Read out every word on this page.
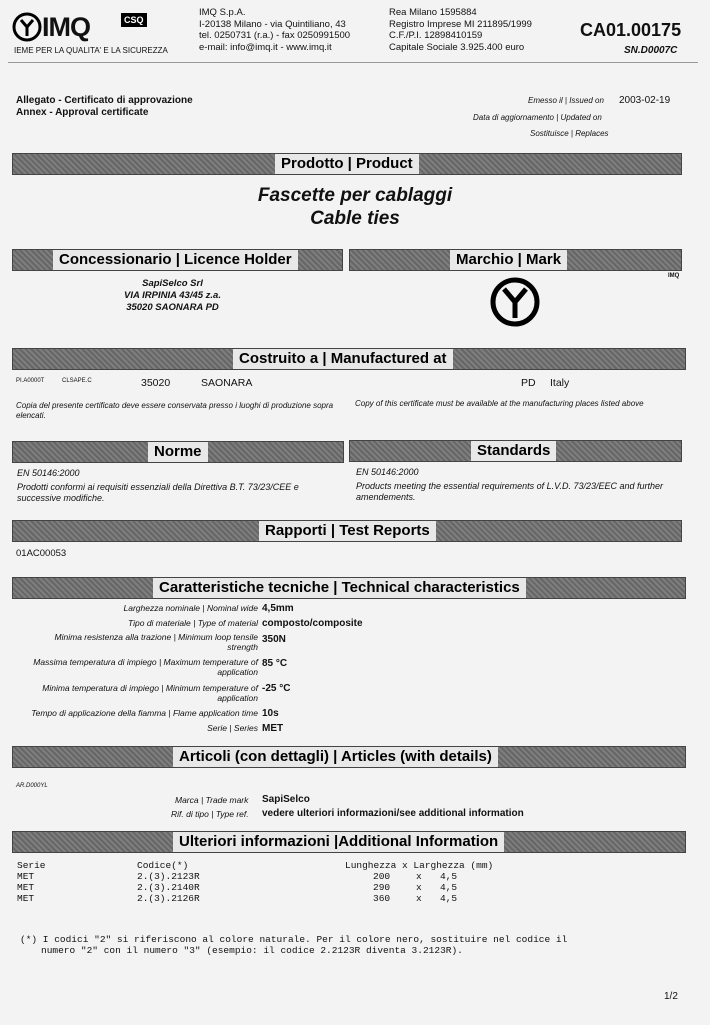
IMQ	CSQ
IEME PER LA QUALITA' E LA SICUREZZA
IMQ S.p.A.
I-20138 Milano - via Quintiliano, 43
tel. 0250731 (r.a.) - fax 0250991500
e-mail: info@imq.it - www.imq.it
Rea Milano 1595884
Registro Imprese MI 211895/1999
C.F./P.I. 12898410159
Capitale Sociale 3.925.400 euro
CA01.00175
SN.D0007C
Allegato - Certificato di approvazione
Annex - Approval certificate
Emesso il | Issued on 2003-02-19
Data di aggiornamento | Updated on
Sostituisce | Replaces
Prodotto | Product
Fascette per cablaggi
Cable ties
Concessionario | Licence Holder	Marchio | Mark
SapiSelco Srl
VIA IRPINIA 43/45 z.a.
35020 SAONARA PD
IMQ
Costruito a | Manufactured at
PI.A0000T	CLSAPE.C	35020	SAONARA	PD Italy
Copia del presente certificato deve essere conservata presso i luoghi di produzione sopra elencati.
Copy of this certificate must be available at the manufacturing places listed above
Norme	Standards
EN 50146:2000
Prodotti conformi ai requisiti essenziali della Direttiva B.T. 73/23/CEE e successive modifiche.
EN 50146:2000
Products meeting the essential requirements of L.V.D. 73/23/EEC and further amendements.
Rapporti | Test Reports
01AC00053
Caratteristiche tecniche | Technical characteristics
Larghezza nominale | Nominal wide 4,5mm
Tipo di materiale | Type of material composto/composite
Minima resistenza alla trazione | Minimum loop tensile strength
350N
Massima temperatura di impiego | Maximum temperature of application
85 °C
Minima temperatura di impiego | Minimum temperature of application
-25 °C
Tempo di applicazione della fiamma | Flame application time 10s
Serie | Series MET
Articoli (con dettagli) | Articles (with details)
AR.D000YL
Marca | Trade mark SapiSelco
Rif. di tipo | Type ref. vedere ulteriori informazioni/see additional information
Ulteriori informazioni |Additional Information
Serie	Codice(*)	Lunghezza x Larghezza (mm)
MET	2.(3).2123R	200	x 4,5
MET	2.(3).2140R	290	x 4,5
MET	2.(3).2126R	360	x 4,5
(*) I codici "2" si riferiscono al colore naturale. Per il colore nero, sostituire nel codice il
numero "2" con il numero "3" (esempio: il codice 2.2123R diventa 3.2123R).
1/2
